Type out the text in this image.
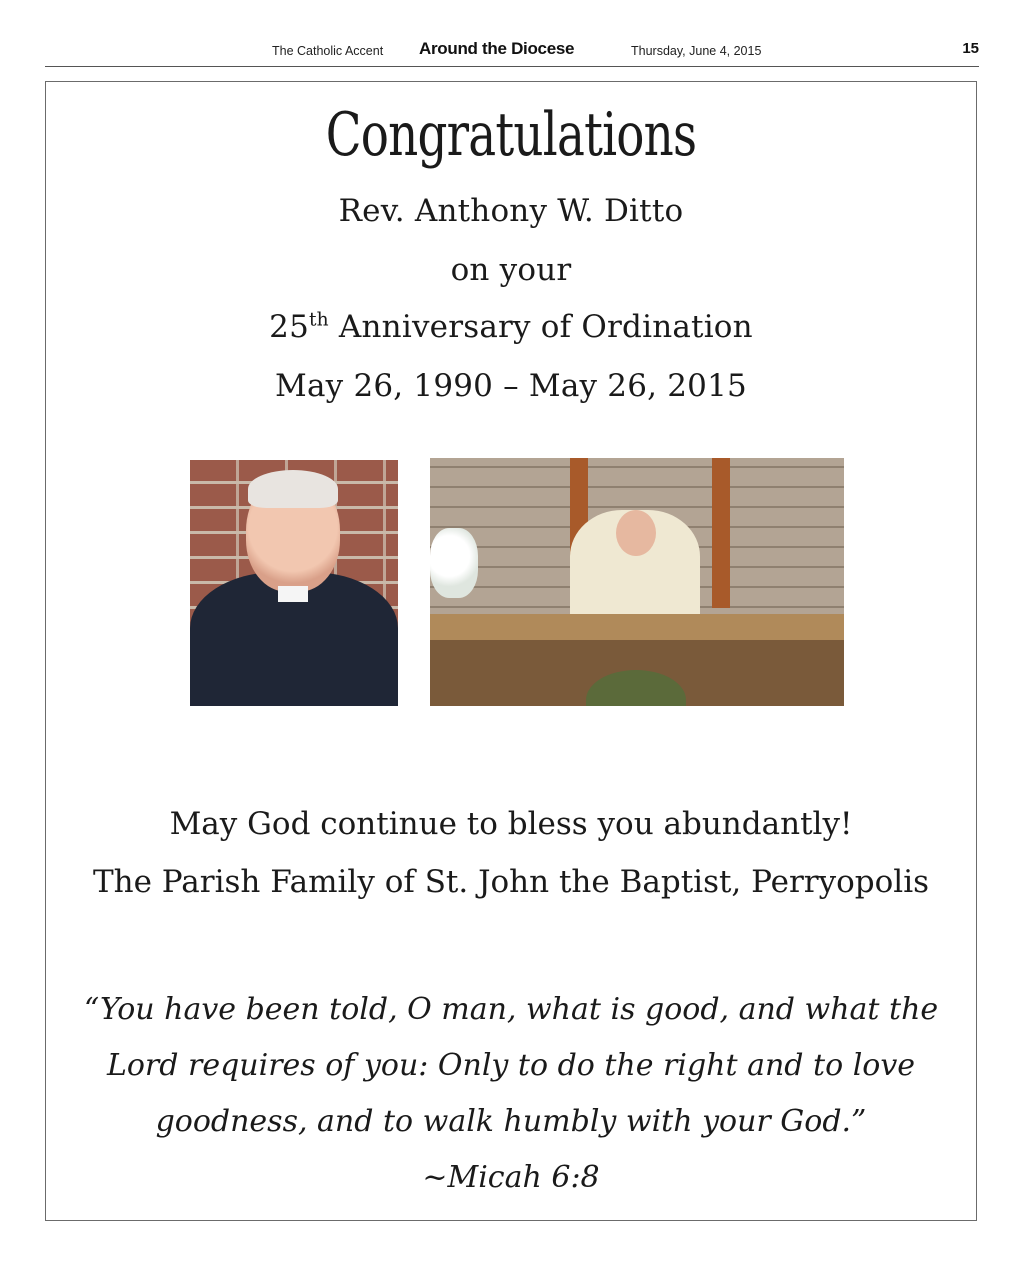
The Catholic Accent Around the Diocese	Thursday, June 4, 2015	15
Congratulations
Rev. Anthony W. Ditto
on your
25th Anniversary of Ordination
May 26, 1990 – May 26, 2015
May God continue to bless you abundantly!
The Parish Family of St. John the Baptist, Perryopolis
“You have been told, O man, what is good, and what the
Lord requires of you: Only to do the right and to love
goodness, and to walk humbly with your God.”
~Micah 6:8
